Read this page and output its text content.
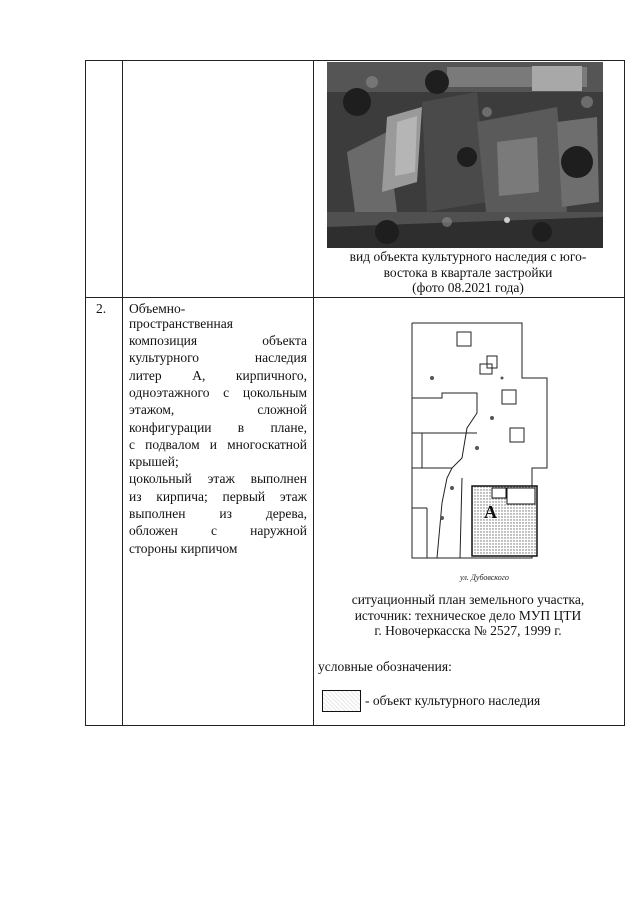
вид объекта культурного наследия с юго-
востока в квартале застройки
(фото 08.2021 года)
2. Объемно-
пространственная
композиция объекта
культурного наследия
литер А, кирпичного,
одноэтажного с цокольным
этажом, сложной
конфигурации в плане,
с подвалом и многоскатной
крышей;
цокольный этаж выполнен
из кирпича; первый этаж
выполнен из дерева,
обложен с наружной
стороны кирпичом
А
ул. Дубовского
ситуационный план земельного участка,
источник: техническое дело МУП ЦТИ
г. Новочеркасска № 2527, 1999 г.
условные обозначения:
- объект культурного наследия
